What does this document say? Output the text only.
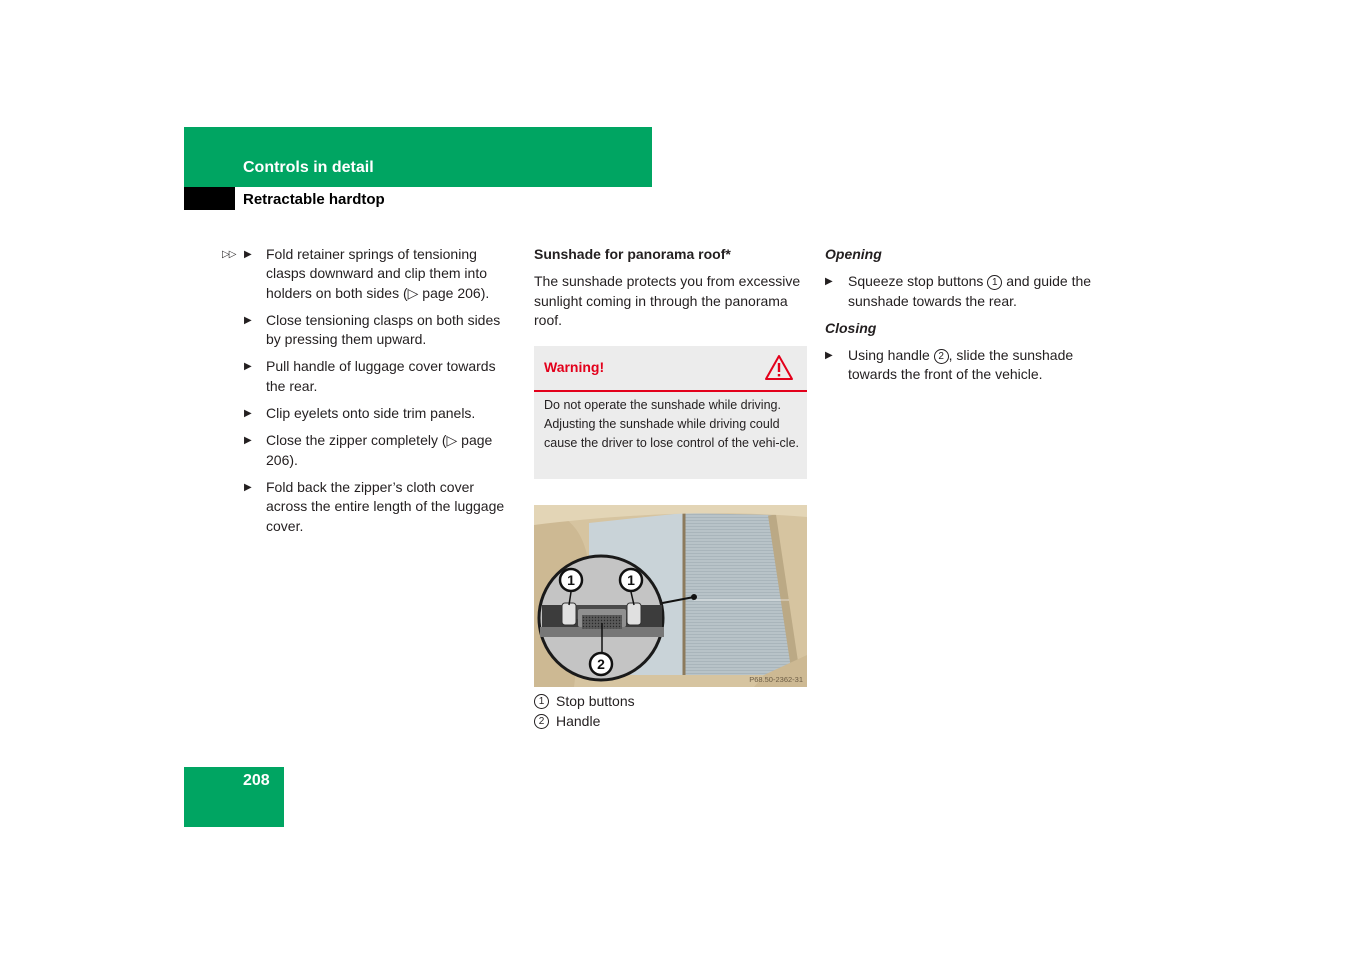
Controls in detail
Retractable hardtop
▷▷ ▶ Fold retainer springs of tensioning clasps downward and clip them into holders on both sides (▷ page 206).
▶ Close tensioning clasps on both sides by pressing them upward.
▶ Pull handle of luggage cover towards the rear.
▶ Clip eyelets onto side trim panels.
▶ Close the zipper completely (▷ page 206).
▶ Fold back the zipper’s cloth cover across the entire length of the luggage cover.
Sunshade for panorama roof*
The sunshade protects you from excessive sunlight coming in through the panorama roof.
Warning!
Do not operate the sunshade while driving. Adjusting the sunshade while driving could cause the driver to lose control of the vehi-cle.
1	1
2
P68.50-2362-31
1 Stop buttons
2 Handle
Opening
▶ Squeeze stop buttons 1 and guide the sunshade towards the rear.
Closing
▶ Using handle 2 , slide the sunshade towards the front of the vehicle.
208
